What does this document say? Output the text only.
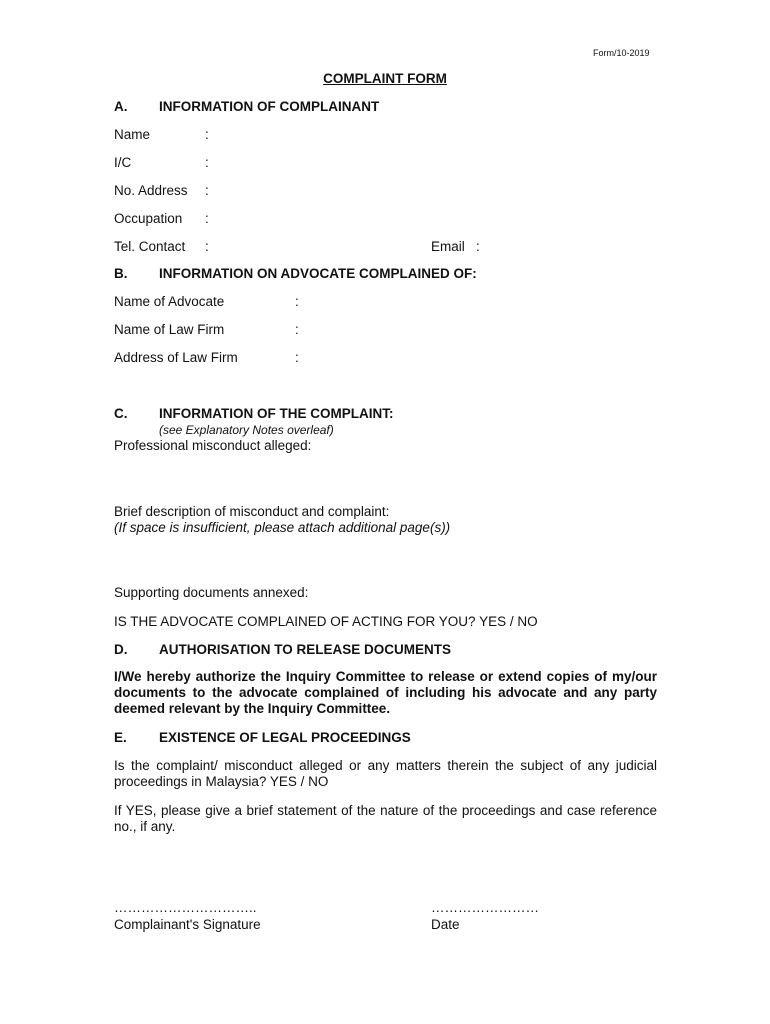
Form/10-2019
COMPLAINT FORM
A. INFORMATION OF COMPLAINANT
Name	:
I/C	:
No. Address :
Occupation :
Tel. Contact :	Email :
B. INFORMATION ON ADVOCATE COMPLAINED OF:
Name of Advocate	:
Name of Law Firm	:
Address of Law Firm	:
C. INFORMATION OF THE COMPLAINT:
(see Explanatory Notes overleaf)
Professional misconduct alleged:
Brief description of misconduct and complaint:
(If space is insufficient, please attach additional page(s))
Supporting documents annexed:
IS THE ADVOCATE COMPLAINED OF ACTING FOR YOU? YES / NO
D. AUTHORISATION TO RELEASE DOCUMENTS
I/We hereby authorize the Inquiry Committee to release or extend copies of my/our documents to the advocate complained of including his advocate and any party deemed relevant by the Inquiry Committee.
E. EXISTENCE OF LEGAL PROCEEDINGS
Is the complaint/ misconduct alleged or any matters therein the subject of any judicial proceedings in Malaysia? YES / NO
If YES, please give a brief statement of the nature of the proceedings and case reference no., if any.
…………………………..
Complainant's Signature
……………………
Date
